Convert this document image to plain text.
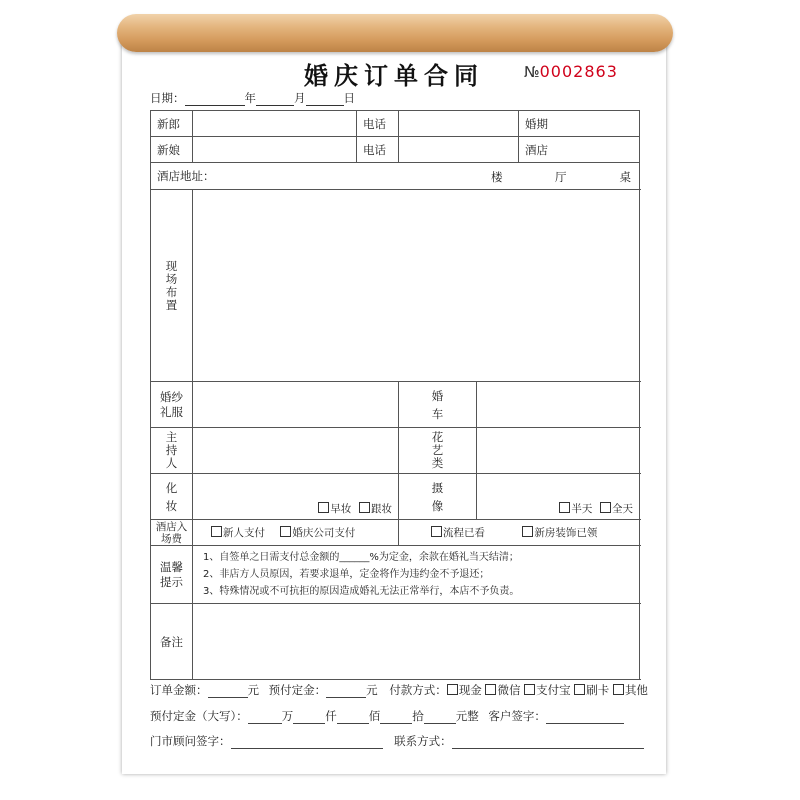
婚庆订单合同	№0002863
日期：	年	月	日
新郎		电话			婚期	
新娘		电话			酒店	
酒店地址： 楼 厅 桌						

现场布置						

婚纱礼服			婚车			

主持人			花艺类			

化妆	早妆 跟妆		摄像	半天 全天		

酒店入场费	新人支付 婚庆公司支付		流程已看 新房装饰已领			

温馨提示	1、自签单之日需支付总金额的______%为定金，余款在婚礼当天结清；
2、非店方人员原因，若要求退单，定金将作为违约金不予退还；
3、特殊情况或不可抗拒的原因造成婚礼无法正常举行，本店不予负责。					

备注						
订单金额：	元 预付定金：	元 付款方式： 现金 微信 支付宝 刷卡 其他
预付定金（大写）：	万	仟	佰	拾	元整 客户签字：
门市顾问签字：	联系方式：
